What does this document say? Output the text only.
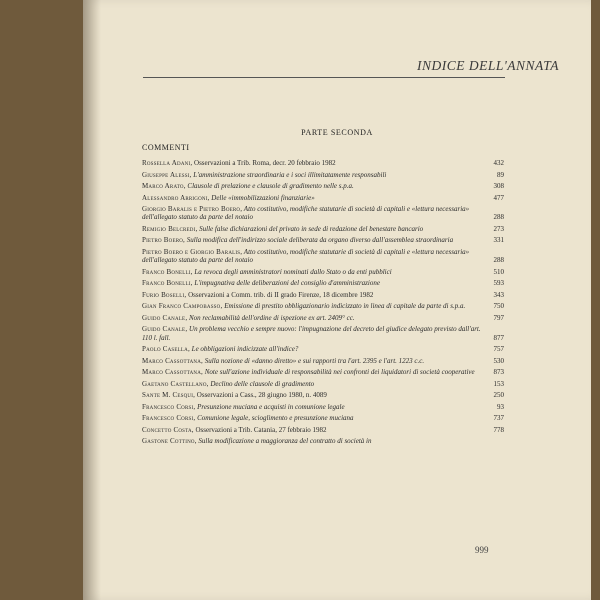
INDICE DELL'ANNATA
PARTE SECONDA
COMMENTI
Rossella Adani, Osservazioni a Trib. Roma, decr. 20 febbraio 1982	432
Giuseppe Alessi, L'amministrazione straordinaria e i soci illimitatamente responsabili	89
Marco Arato, Clausole di prelazione e clausole di gradimento nelle s.p.a.	308
Alessandro Arrigoni, Delle «immobilizzazioni finanziarie»	477
Giorgio Baralis e Pietro Boero, Atto costitutivo, modifiche statutarie di società di capitali e «lettura necessaria» dell'allegato statuto da parte del notaio	288
Remigio Belcredi, Sulle false dichiarazioni del privato in sede di redazione del benestare bancario	273
Pietro Boero, Sulla modifica dell'indirizzo sociale deliberata da organo diverso dall'assemblea straordinaria	331
Pietro Boero e Giorgio Baralis, Atto costitutivo, modifiche statutarie di società di capitali e «lettura necessaria» dell'allegato statuto da parte del notaio	288
Franco Bonelli, La revoca degli amministratori nominati dallo Stato o da enti pubblici	510
Franco Bonelli, L'impugnativa delle deliberazioni del consiglio d'amministrazione	593
Furio Boselli, Osservazioni a Comm. trib. di II grado Firenze, 18 dicembre 1982	343
Gian Franco Campobasso, Emissione di prestito obbligazionario indicizzato in linea di capitale da parte di s.p.a.	750
Guido Canale, Non reclamabilità dell'ordine di ispezione ex art. 2409° cc.	797
Guido Canale, Un problema vecchio e sempre nuovo: l'impugnazione del decreto del giudice delegato previsto dall'art. 110 l. fall.	877
Paolo Casella, Le obbligazioni indicizzate all'indice?	757
Marco Cassottana, Sulla nozione di «danno diretto» e sui rapporti tra l'art. 2395 e l'art. 1223 c.c.	530
Marco Cassottana, Note sull'azione individuale di responsabilità nei confronti dei liquidatori di società cooperative	873
Gaetano Castellano, Declino delle clausole di gradimento	153
Sante M. Cesqui, Osservazioni a Cass., 28 giugno 1980, n. 4089	250
Francesco Corsi, Presunzione muciana e acquisti in comunione legale	93
Francesco Corsi, Comunione legale, scioglimento e presunzione muciana	737
Concetto Costa, Osservazioni a Trib. Catania, 27 febbraio 1982	778
Gastone Cottino, Sulla modificazione a maggioranza del contratto di società in
999
